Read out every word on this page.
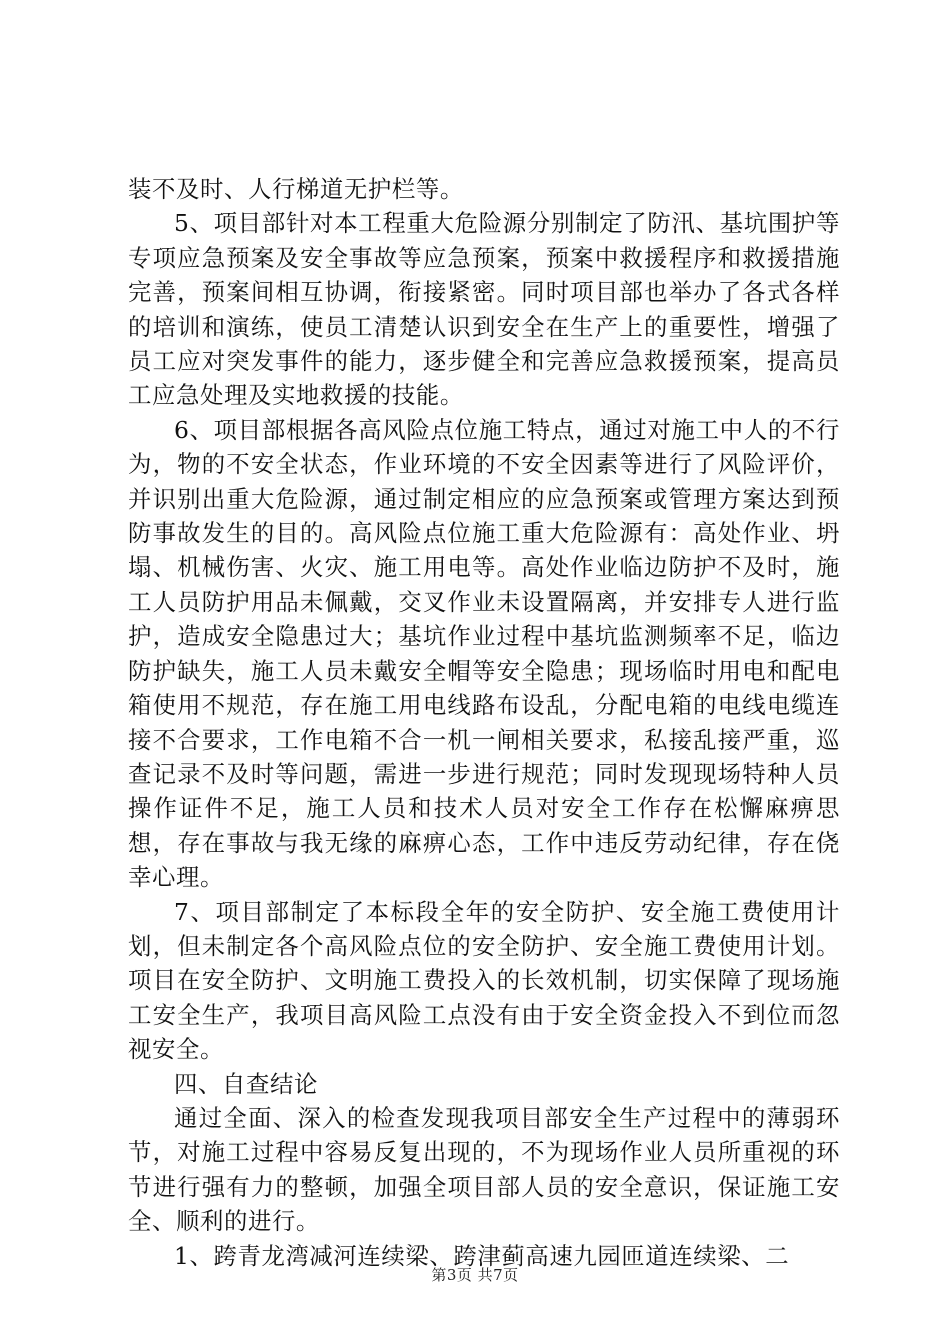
装不及时、人行梯道无护栏等。

5、项目部针对本工程重大危险源分别制定了防汛、基坑围护等专项应急预案及安全事故等应急预案，预案中救援程序和救援措施完善，预案间相互协调，衔接紧密。同时项目部也举办了各式各样的培训和演练，使员工清楚认识到安全在生产上的重要性，增强了员工应对突发事件的能力，逐步健全和完善应急救援预案，提高员工应急处理及实地救援的技能。

6、项目部根据各高风险点位施工特点，通过对施工中人的不行为，物的不安全状态，作业环境的不安全因素等进行了风险评价，并识别出重大危险源，通过制定相应的应急预案或管理方案达到预防事故发生的目的。高风险点位施工重大危险源有：高处作业、坍塌、机械伤害、火灾、施工用电等。高处作业临边防护不及时，施工人员防护用品未佩戴，交叉作业未设置隔离，并安排专人进行监护，造成安全隐患过大；基坑作业过程中基坑监测频率不足，临边防护缺失，施工人员未戴安全帽等安全隐患；现场临时用电和配电箱使用不规范，存在施工用电线路布设乱，分配电箱的电线电缆连接不合要求，工作电箱不合一机一闸相关要求，私接乱接严重，巡查记录不及时等问题，需进一步进行规范；同时发现现场特种人员操作证件不足，施工人员和技术人员对安全工作存在松懈麻痹思想，存在事故与我无缘的麻痹心态，工作中违反劳动纪律，存在侥幸心理。

7、项目部制定了本标段全年的安全防护、安全施工费使用计划，但未制定各个高风险点位的安全防护、安全施工费使用计划。项目在安全防护、文明施工费投入的长效机制，切实保障了现场施工安全生产，我项目高风险工点没有由于安全资金投入不到位而忽视安全。

四、自查结论

通过全面、深入的检查发现我项目部安全生产过程中的薄弱环节，对施工过程中容易反复出现的，不为现场作业人员所重视的环节进行强有力的整顿，加强全项目部人员的安全意识，保证施工安全、顺利的进行。

1、跨青龙湾减河连续梁、跨津蓟高速九园匝道连续梁、二

第3页 共7页
